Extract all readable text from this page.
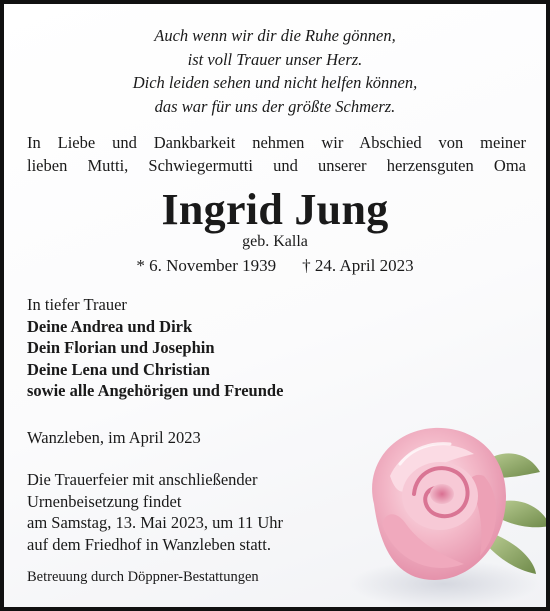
Auch wenn wir dir die Ruhe gönnen,
ist voll Trauer unser Herz.
Dich leiden sehen und nicht helfen können,
das war für uns der größte Schmerz.
In Liebe und Dankbarkeit nehmen wir Abschied von meiner
lieben Mutti, Schwiegermutti und unserer herzensguten Oma
Ingrid Jung
geb. Kalla
* 6. November 1939 † 24. April 2023
In tiefer Trauer
Deine Andrea und Dirk
Dein Florian und Josephin
Deine Lena und Christian
sowie alle Angehörigen und Freunde
Wanzleben, im April 2023
Die Trauerfeier mit anschließender
Urnenbeisetzung findet
am Samstag, 13. Mai 2023, um 11 Uhr
auf dem Friedhof in Wanzleben statt.
Betreuung durch Döppner-Bestattungen
